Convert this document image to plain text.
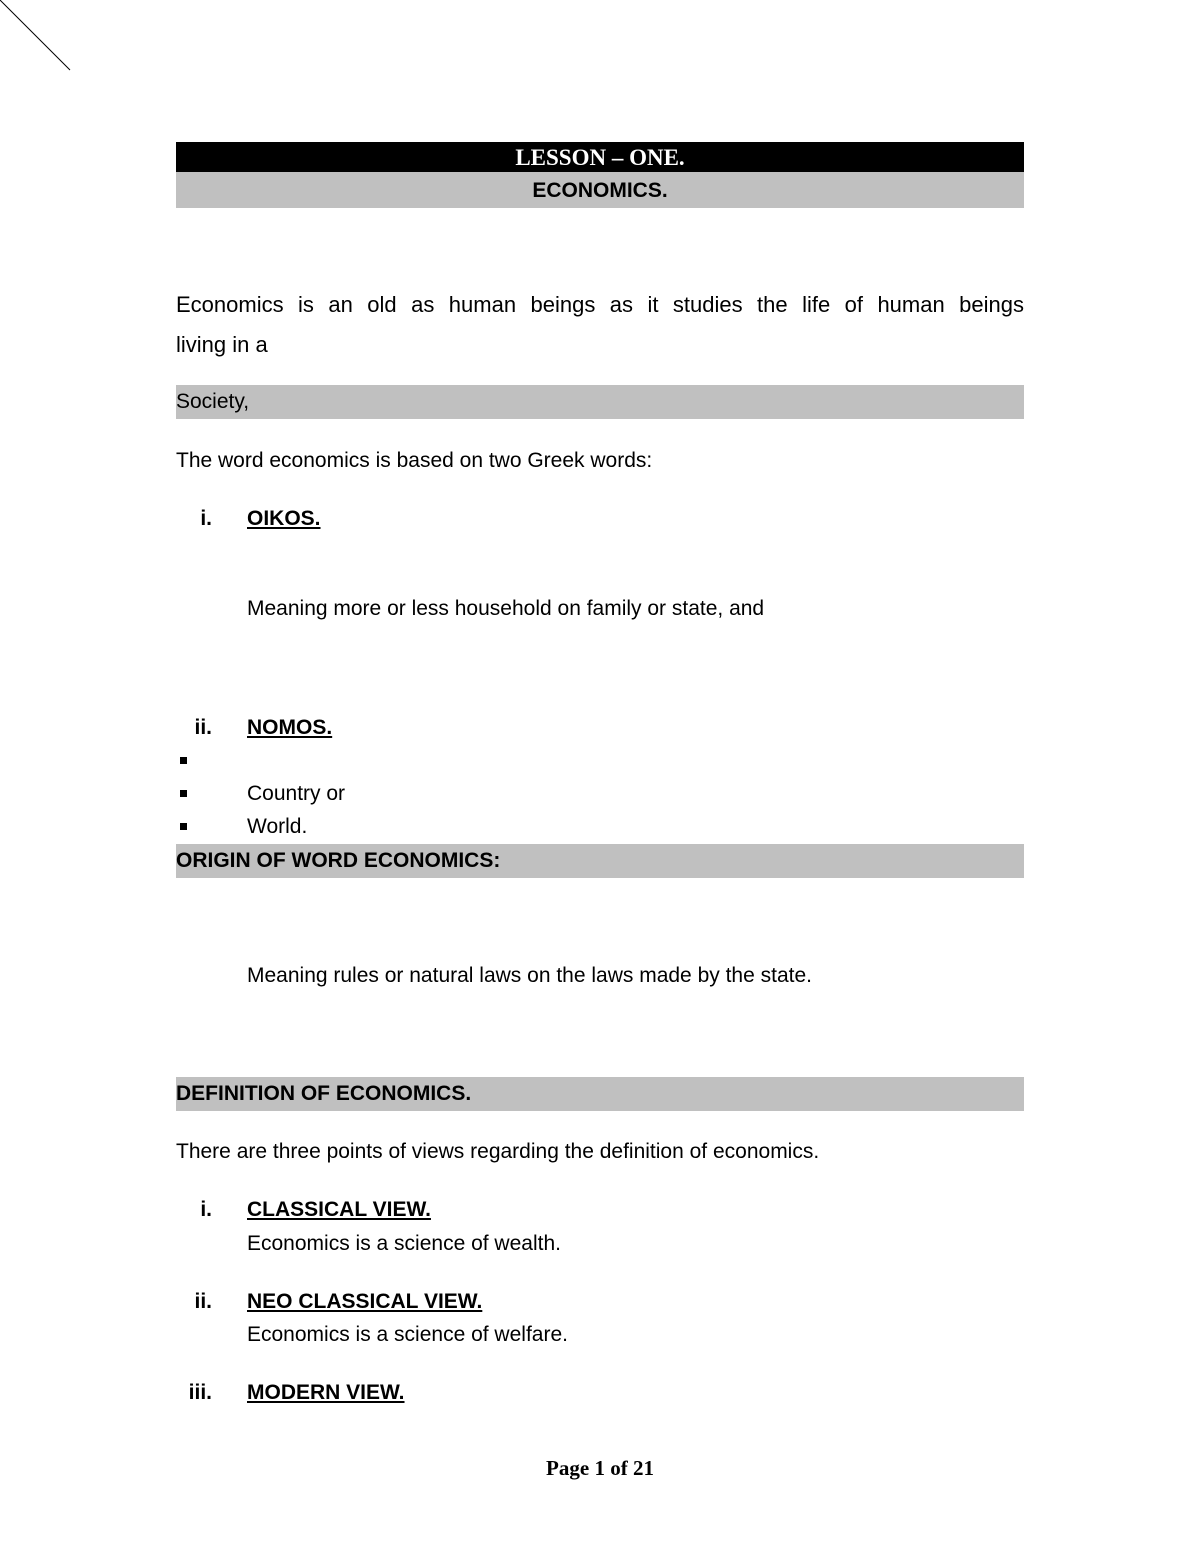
LESSON – ONE.
ECONOMICS.
Economics is an old as human beings as it studies the life of human beings
living in a
Society,
The word economics is based on two Greek words:
i. OIKOS.
Meaning more or less household on family or state, and
ii. NOMOS.
Country or
World.
ORIGIN OF WORD ECONOMICS:
Meaning rules or natural laws on the laws made by the state.
DEFINITION OF ECONOMICS.
There are three points of views regarding the definition of economics.
i. CLASSICAL VIEW.
Economics is a science of wealth.
ii. NEO CLASSICAL VIEW.
Economics is a science of welfare.
iii. MODERN VIEW.
Page 1 of 21
